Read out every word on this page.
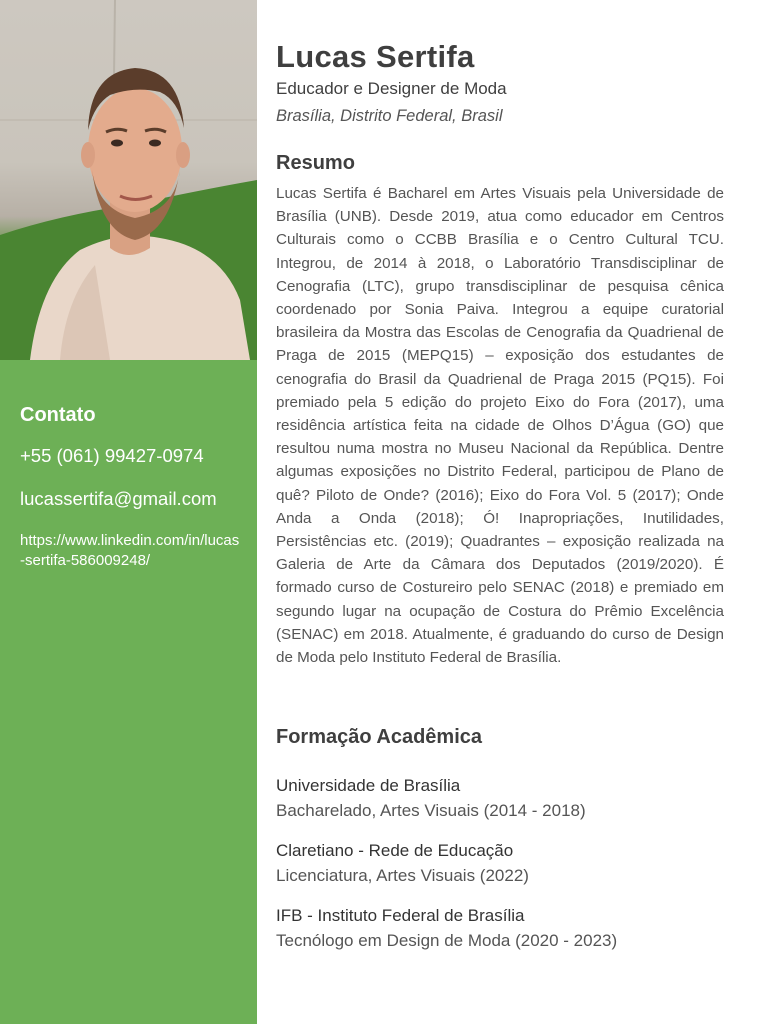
Contato

+55 (061) 99427-0974

lucassertifa@gmail.com

https://www.linkedin.com/in/lucas-sertifa-586009248/

Lucas Sertifa

Educador e Designer de Moda

Brasília, Distrito Federal, Brasil

Resumo

Lucas Sertifa é Bacharel em Artes Visuais pela Universidade de Brasília (UNB). Desde 2019, atua como educador em Centros Culturais como o CCBB Brasília e o Centro Cultural TCU. Integrou, de 2014 à 2018, o Laboratório Transdisciplinar de Cenografia (LTC), grupo transdisciplinar de pesquisa cênica coordenado por Sonia Paiva. Integrou a equipe curatorial brasileira da Mostra das Escolas de Cenografia da Quadrienal de Praga de 2015 (MEPQ15) – exposição dos estudantes de cenografia do Brasil da Quadrienal de Praga 2015 (PQ15). Foi premiado pela 5 edição do projeto Eixo do Fora (2017), uma residência artística feita na cidade de Olhos D’Água (GO) que resultou numa mostra no Museu Nacional da República. Dentre algumas exposições no Distrito Federal, participou de Plano de quê? Piloto de Onde? (2016); Eixo do Fora Vol. 5 (2017); Onde Anda a Onda (2018); Ó! Inapropriações, Inutilidades, Persistências etc. (2019); Quadrantes – exposição realizada na Galeria de Arte da Câmara dos Deputados (2019/2020). É formado curso de Costureiro pelo SENAC (2018) e premiado em segundo lugar na ocupação de Costura do Prêmio Excelência (SENAC) em 2018. Atualmente, é graduando do curso de Design de Moda pelo Instituto Federal de Brasília.

Formação Acadêmica

Universidade de Brasília

Bacharelado, Artes Visuais (2014 - 2018)

Claretiano - Rede de Educação

Licenciatura, Artes Visuais (2022)

IFB - Instituto Federal de Brasília

Tecnólogo em Design de Moda (2020 - 2023)
